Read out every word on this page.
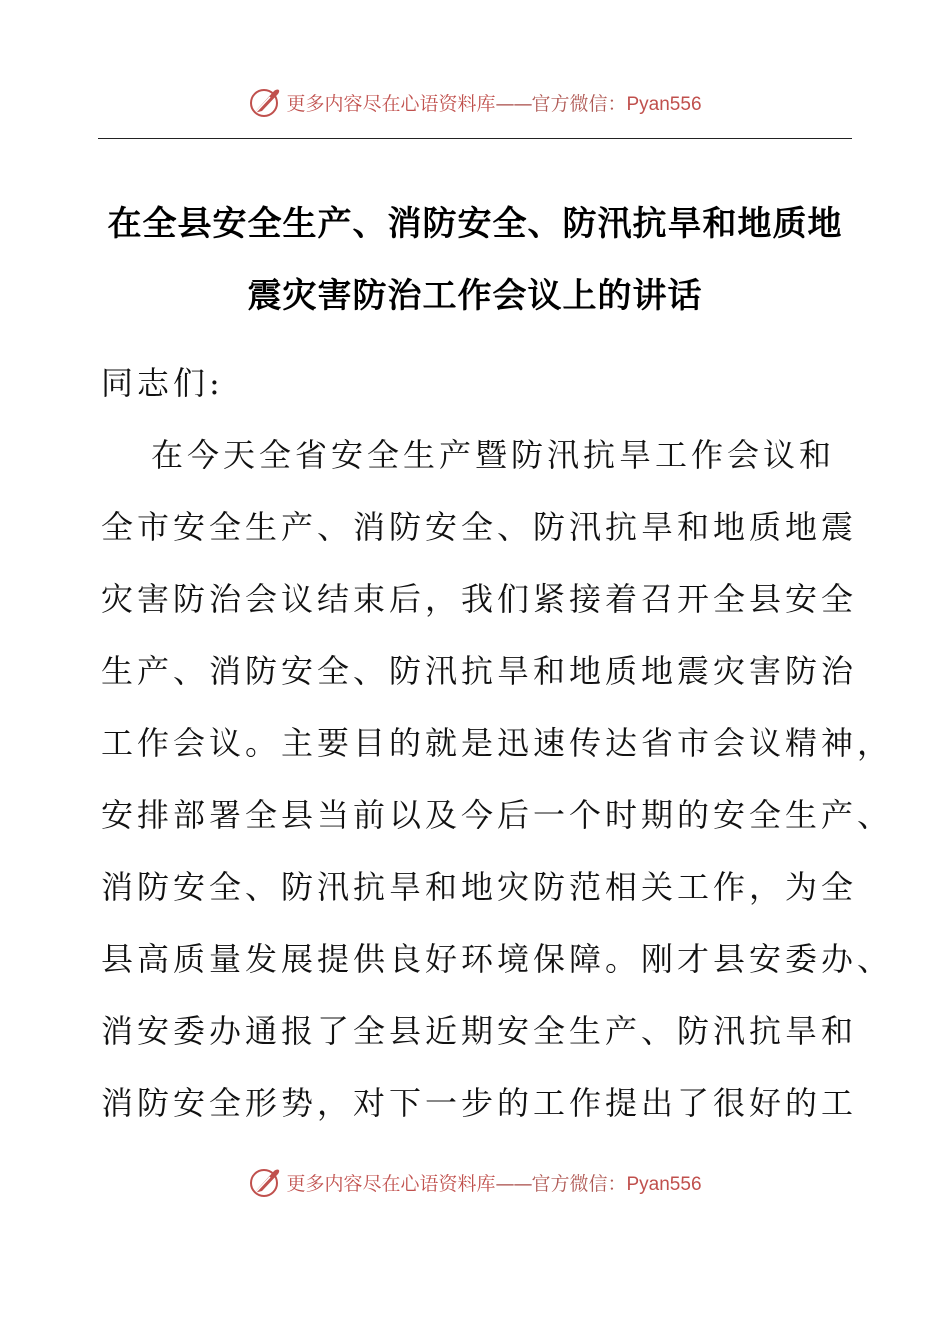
更多内容尽在心语资料库——官方微信：Pyan556
在全县安全生产、消防安全、防汛抗旱和地质地
震灾害防治工作会议上的讲话
同志们:
在今天全省安全生产暨防汛抗旱工作会议和
全市安全生产、消防安全、防汛抗旱和地质地震
灾害防治会议结束后，我们紧接着召开全县安全
生产、消防安全、防汛抗旱和地质地震灾害防治
工作会议。主要目的就是迅速传达省市会议精神，
安排部署全县当前以及今后一个时期的安全生产、
消防安全、防汛抗旱和地灾防范相关工作，为全
县高质量发展提供良好环境保障。刚才县安委办、
消安委办通报了全县近期安全生产、防汛抗旱和
消防安全形势，对下一步的工作提出了很好的工
更多内容尽在心语资料库——官方微信：Pyan556
